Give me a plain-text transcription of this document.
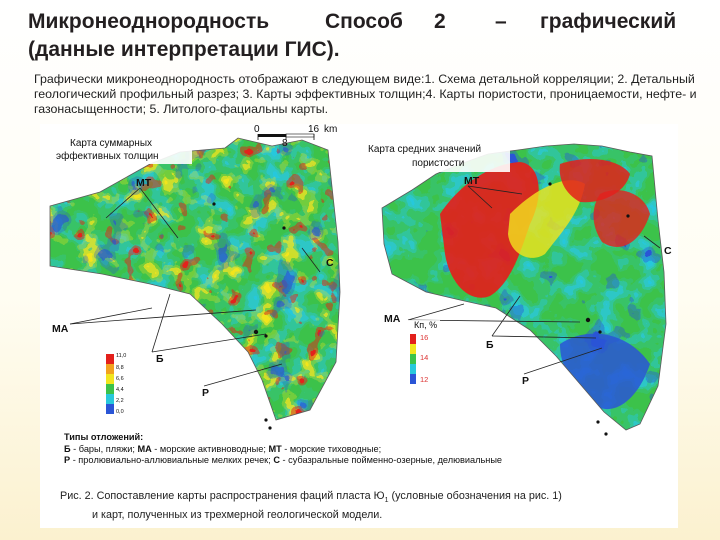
Микронеоднородность	Способ 2 – графический
(данные интерпретации ГИС).
Графически микронеоднородность отображают в следующем виде:1. Схема детальной корреляции; 2. Детальный геологический профильный разрез; 3. Карты эффективных толщин;4. Карты пористости, проницаемости, нефте- и газонасыщенности; 5. Литолого-фациальны карты.
0
8
16 km
Карта суммарных
эффективных толщин
Карта средних значений
пористости
МТ
С
МА
Б
Р
11,0
8,8
6,6
4,4
2,2
0,0
МТ
С
МА
Б
Р
Кп, %
16
14
12
Типы отложений:
Б - бары, пляжи; МА - морские активноводные; МТ - морские тиховодные;
Р - прoлювиально-аллювиальные мелких речек; С - субазральные пойменно-озерные, делювиальные
Рис. 2. Сопоставление карты распространения фаций пласта $Ю_1$ (условные обозначения на рис. 1)
и карт, полученных из трехмерной геологической модели.
